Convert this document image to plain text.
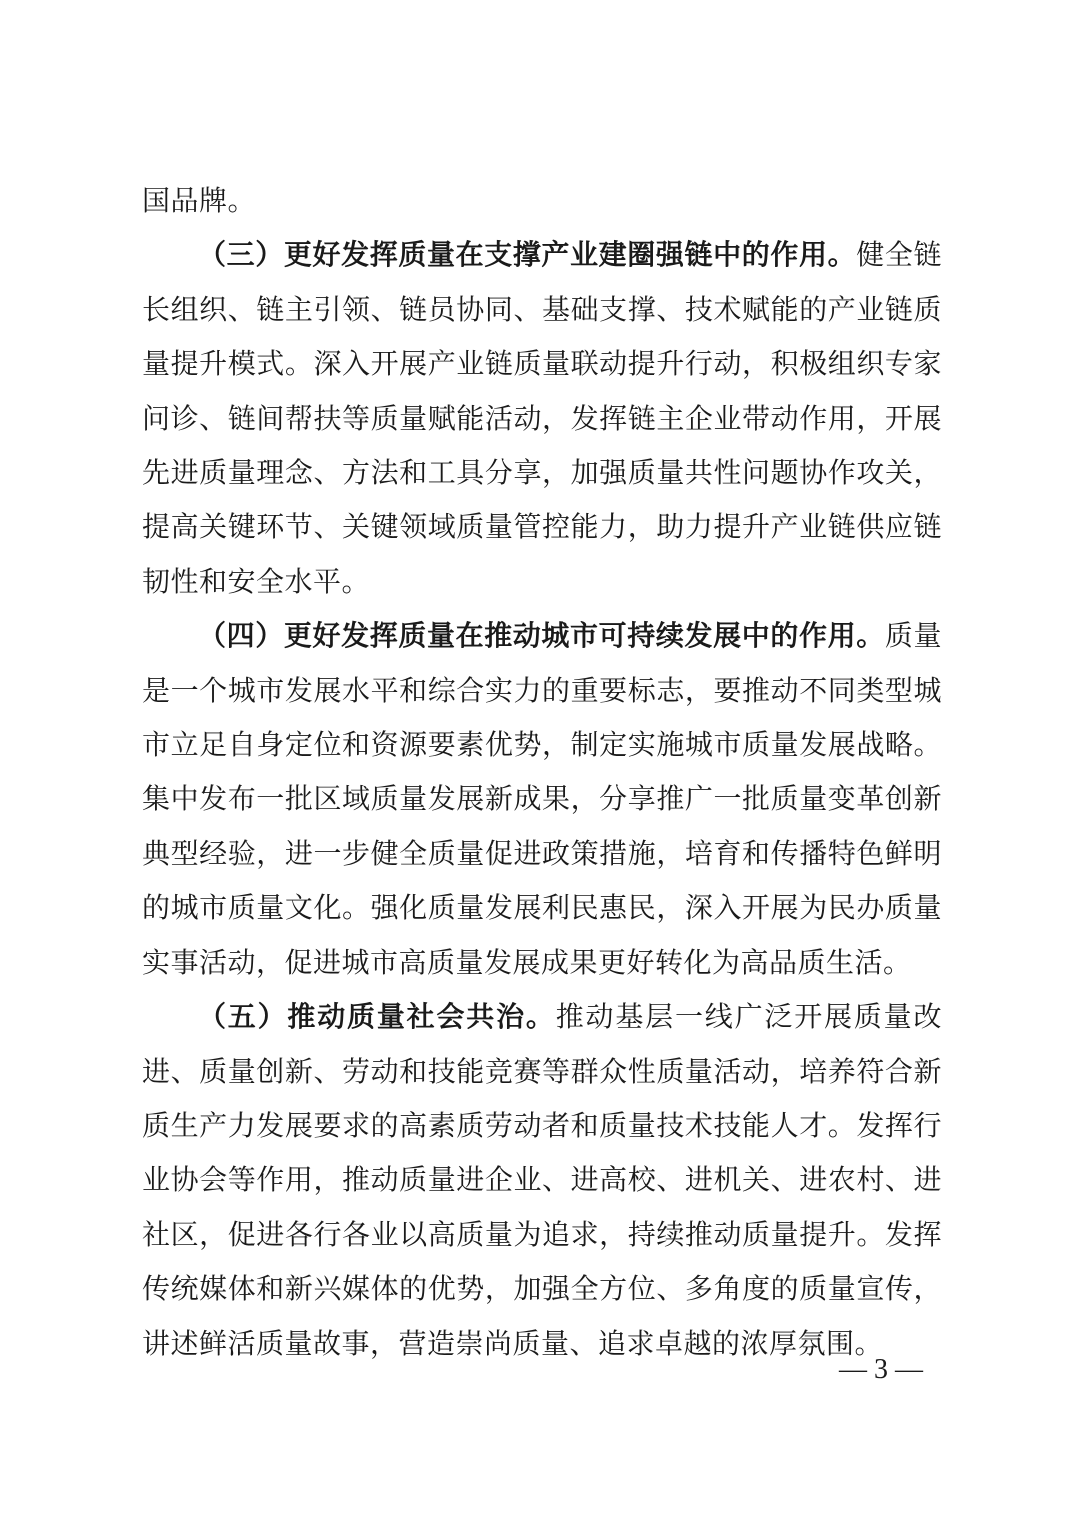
国品牌。

（三）更好发挥质量在支撑产业建圈强链中的作用。健全链长组织、链主引领、链员协同、基础支撑、技术赋能的产业链质量提升模式。深入开展产业链质量联动提升行动，积极组织专家问诊、链间帮扶等质量赋能活动，发挥链主企业带动作用，开展先进质量理念、方法和工具分享，加强质量共性问题协作攻关，提高关键环节、关键领域质量管控能力，助力提升产业链供应链韧性和安全水平。

（四）更好发挥质量在推动城市可持续发展中的作用。质量是一个城市发展水平和综合实力的重要标志，要推动不同类型城市立足自身定位和资源要素优势，制定实施城市质量发展战略。集中发布一批区域质量发展新成果，分享推广一批质量变革创新典型经验，进一步健全质量促进政策措施，培育和传播特色鲜明的城市质量文化。强化质量发展利民惠民，深入开展为民办质量实事活动，促进城市高质量发展成果更好转化为高品质生活。

（五）推动质量社会共治。推动基层一线广泛开展质量改进、质量创新、劳动和技能竞赛等群众性质量活动，培养符合新质生产力发展要求的高素质劳动者和质量技术技能人才。发挥行业协会等作用，推动质量进企业、进高校、进机关、进农村、进社区，促进各行各业以高质量为追求，持续推动质量提升。发挥传统媒体和新兴媒体的优势，加强全方位、多角度的质量宣传，讲述鲜活质量故事，营造崇尚质量、追求卓越的浓厚氛围。

— 3 —
